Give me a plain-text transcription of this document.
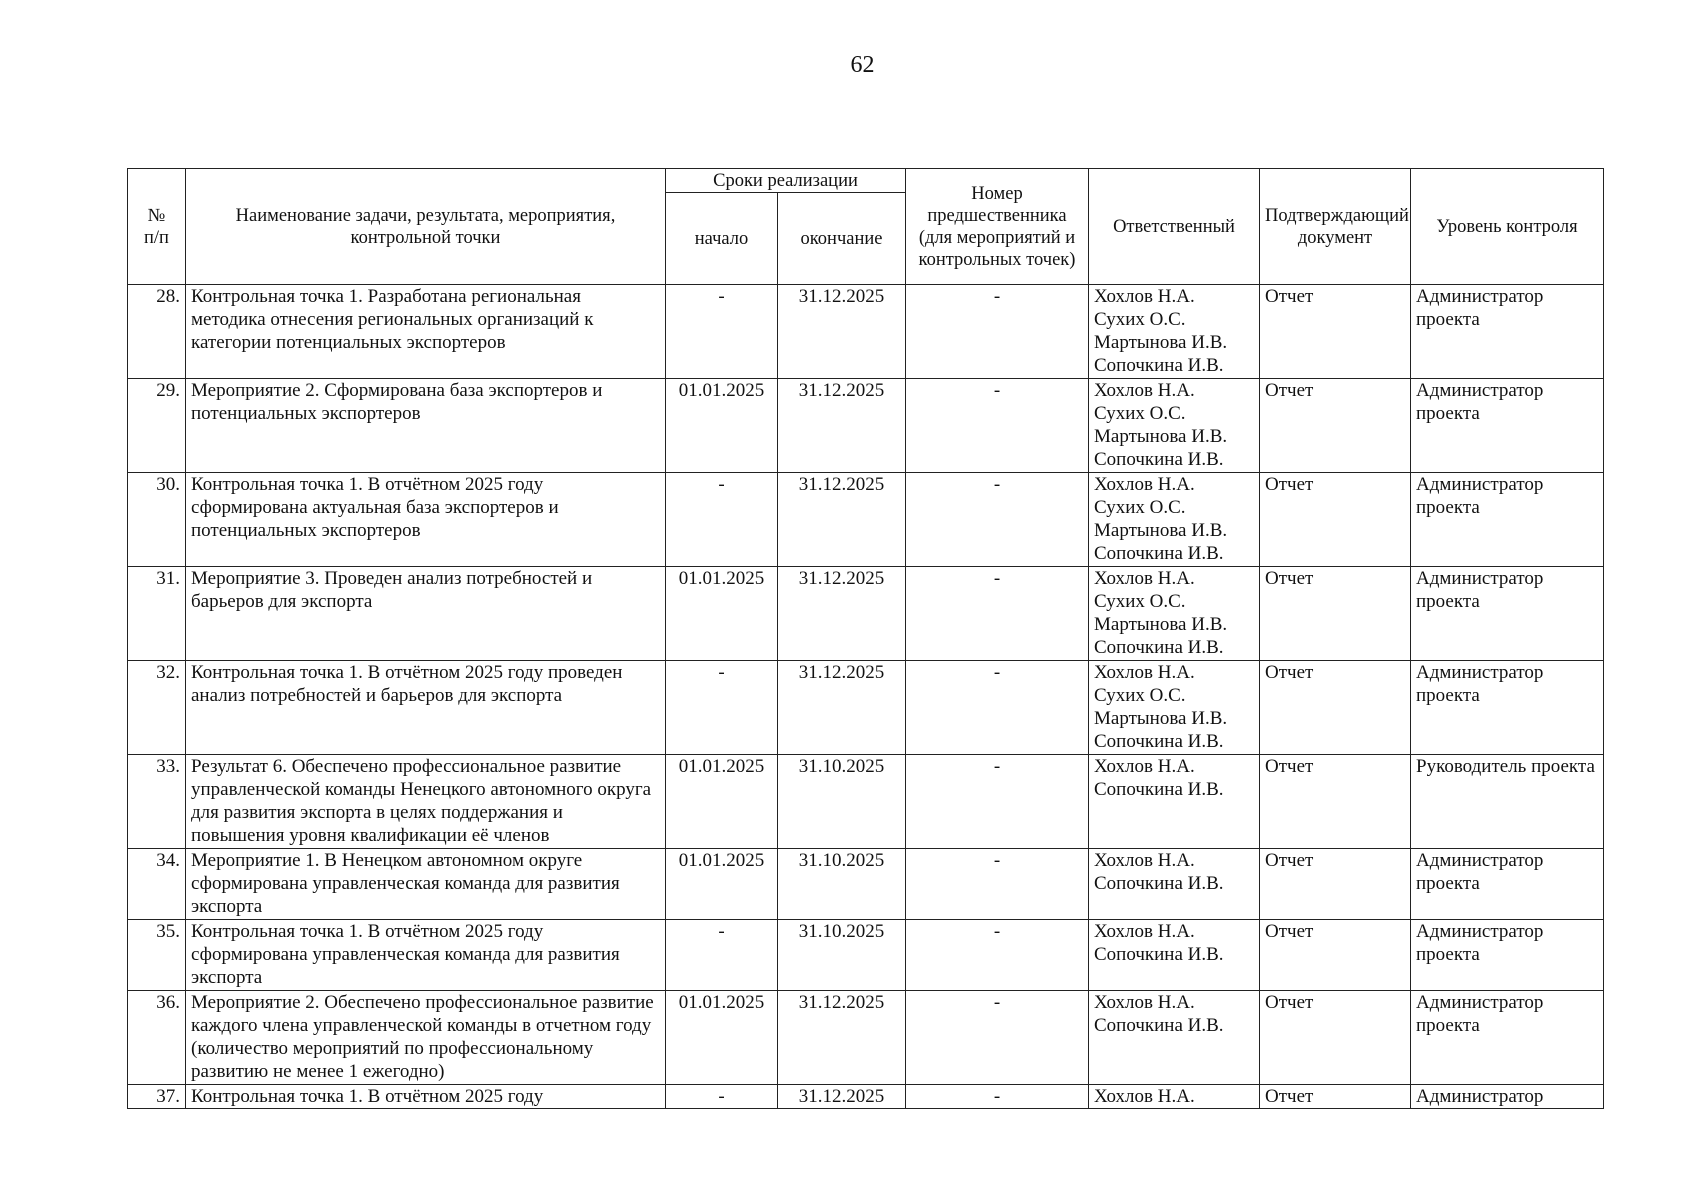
62
№
п/п	Наименование задачи, результата, мероприятия, контрольной точки	Сроки реализации		Номер предшественника (для мероприятий и контрольных точек)	Ответственный	Подтверждающий документ	Уровень контроля
		начало	окончание				
28.	Контрольная точка 1. Разработана региональная методика отнесения региональных организаций к категории потенциальных экспортеров	-	31.12.2025	-	Хохлов Н.А.
Сухих О.С.
Мартынова И.В.
Сопочкина И.В.	Отчет	Администратор проекта
29.	Мероприятие 2. Сформирована база экспортеров и потенциальных экспортеров	01.01.2025	31.12.2025	-	Хохлов Н.А.
Сухих О.С.
Мартынова И.В.
Сопочкина И.В.	Отчет	Администратор проекта
30.	Контрольная точка 1. В отчётном 2025 году сформирована актуальная база экспортеров и потенциальных экспортеров	-	31.12.2025	-	Хохлов Н.А.
Сухих О.С.
Мартынова И.В.
Сопочкина И.В.	Отчет	Администратор проекта
31.	Мероприятие 3. Проведен анализ потребностей и барьеров для экспорта	01.01.2025	31.12.2025	-	Хохлов Н.А.
Сухих О.С.
Мартынова И.В.
Сопочкина И.В.	Отчет	Администратор проекта
32.	Контрольная точка 1. В отчётном 2025 году проведен анализ потребностей и барьеров для экспорта	-	31.12.2025	-	Хохлов Н.А.
Сухих О.С.
Мартынова И.В.
Сопочкина И.В.	Отчет	Администратор проекта
33.	Результат 6. Обеспечено профессиональное развитие управленческой команды Ненецкого автономного округа для развития экспорта в целях поддержания и повышения уровня квалификации её членов	01.01.2025	31.10.2025	-	Хохлов Н.А.
Сопочкина И.В.	Отчет	Руководитель проекта
34.	Мероприятие 1. В Ненецком автономном округе сформирована управленческая команда для развития экспорта	01.01.2025	31.10.2025	-	Хохлов Н.А.
Сопочкина И.В.	Отчет	Администратор проекта
35.	Контрольная точка 1. В отчётном 2025 году сформирована управленческая команда для развития экспорта	-	31.10.2025	-	Хохлов Н.А.
Сопочкина И.В.	Отчет	Администратор проекта
36.	Мероприятие 2. Обеспечено профессиональное развитие каждого члена управленческой команды в отчетном году (количество мероприятий по профессиональному развитию не менее 1 ежегодно)	01.01.2025	31.12.2025	-	Хохлов Н.А.
Сопочкина И.В.	Отчет	Администратор проекта
37.	Контрольная точка 1. В отчётном 2025 году	-	31.12.2025	-	Хохлов Н.А.	Отчет	Администратор
